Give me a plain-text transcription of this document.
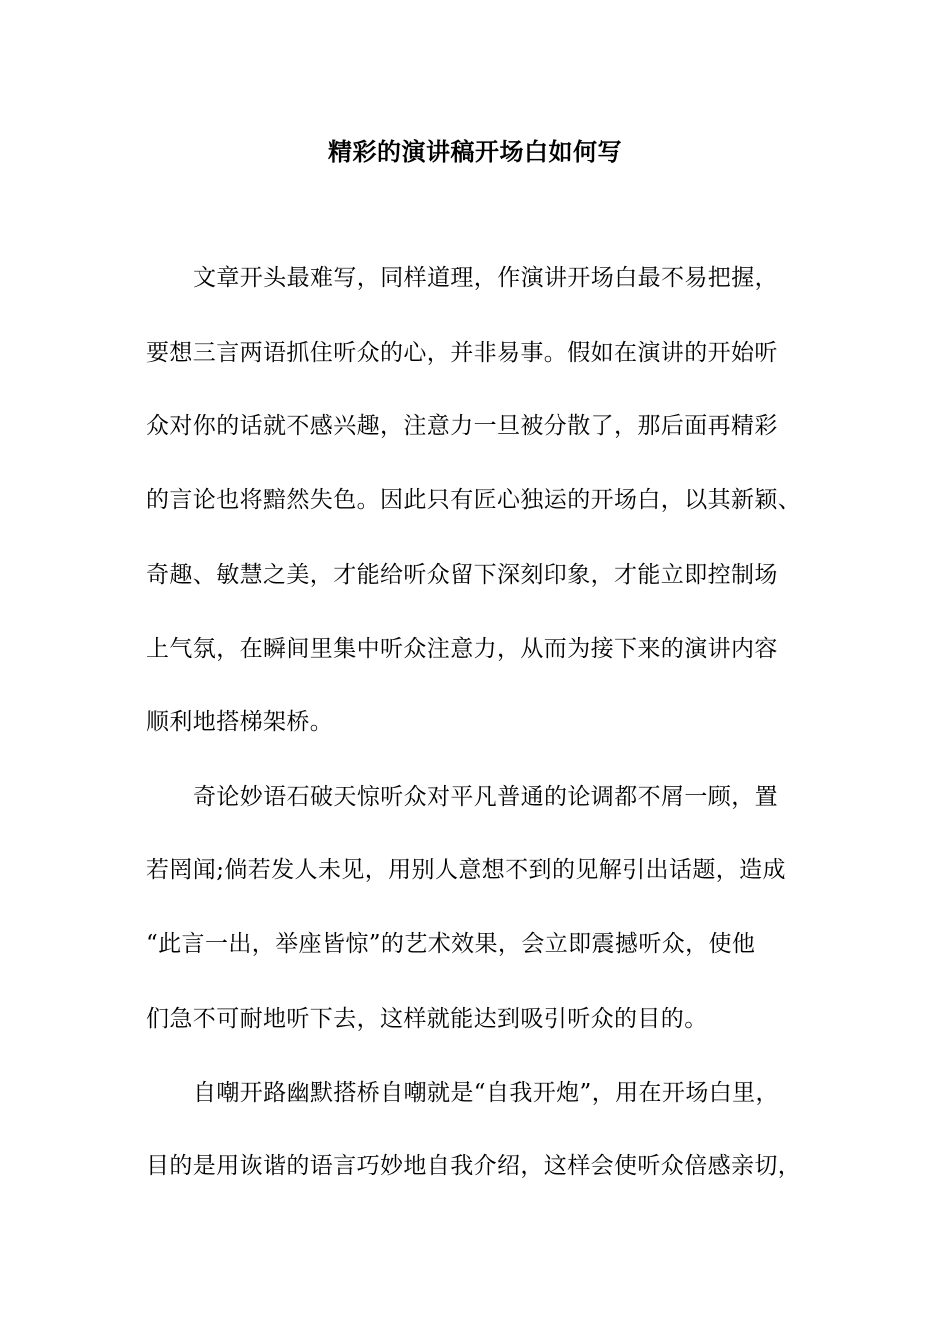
精彩的演讲稿开场白如何写
文章开头最难写，同样道理，作演讲开场白最不易把握，
要想三言两语抓住听众的心，并非易事。假如在演讲的开始听
众对你的话就不感兴趣，注意力一旦被分散了，那后面再精彩
的言论也将黯然失色。因此只有匠心独运的开场白，以其新颖、
奇趣、敏慧之美，才能给听众留下深刻印象，才能立即控制场
上气氛，在瞬间里集中听众注意力，从而为接下来的演讲内容
顺利地搭梯架桥。
奇论妙语石破天惊听众对平凡普通的论调都不屑一顾，置
若罔闻;倘若发人未见，用别人意想不到的见解引出话题，造成
“此言一出，举座皆惊”的艺术效果，会立即震撼听众，使他
们急不可耐地听下去，这样就能达到吸引听众的目的。
自嘲开路幽默搭桥自嘲就是“自我开炮”，用在开场白里，
目的是用诙谐的语言巧妙地自我介绍，这样会使听众倍感亲切，
